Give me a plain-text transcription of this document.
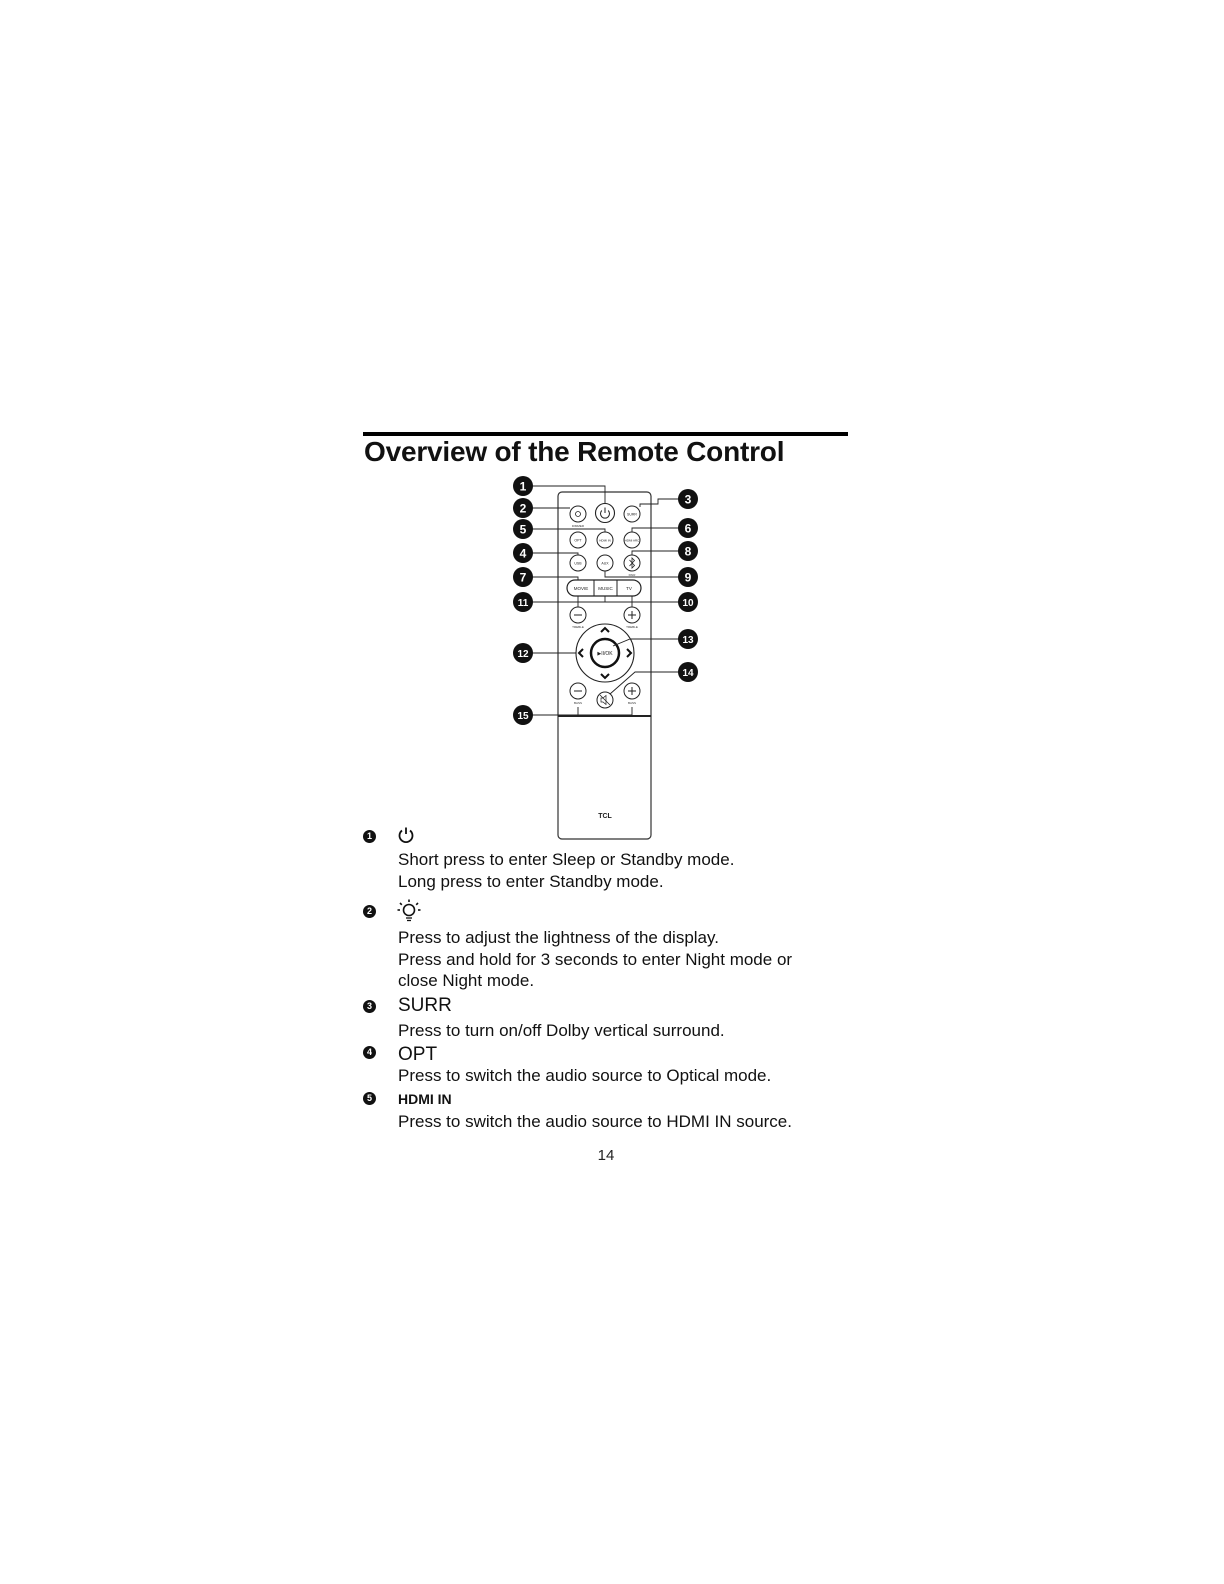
Overview of the Remote Control
TCL
DIMMER
SURR
OPT	HDMI IN	HDMI ARC
USB	AUX
PAIR
MOVIE MUSIC	TV
TREBLE	TREBLE
▶II/OK
BASS	BASS
1
2
3
4
5	6
7
8
9
10
11
12
13
14
15
1
Short press to enter Sleep or Standby mode.
Long press to enter Standby mode.
2
Press to adjust the lightness of the display.
Press and hold for 3 seconds to enter Night mode or
close Night mode.
3 SURR
Press to turn on/off Dolby vertical surround.
4 OPT
Press to switch the audio source to Optical mode.
5 HDMI IN
Press to switch the audio source to HDMI IN source.
14
